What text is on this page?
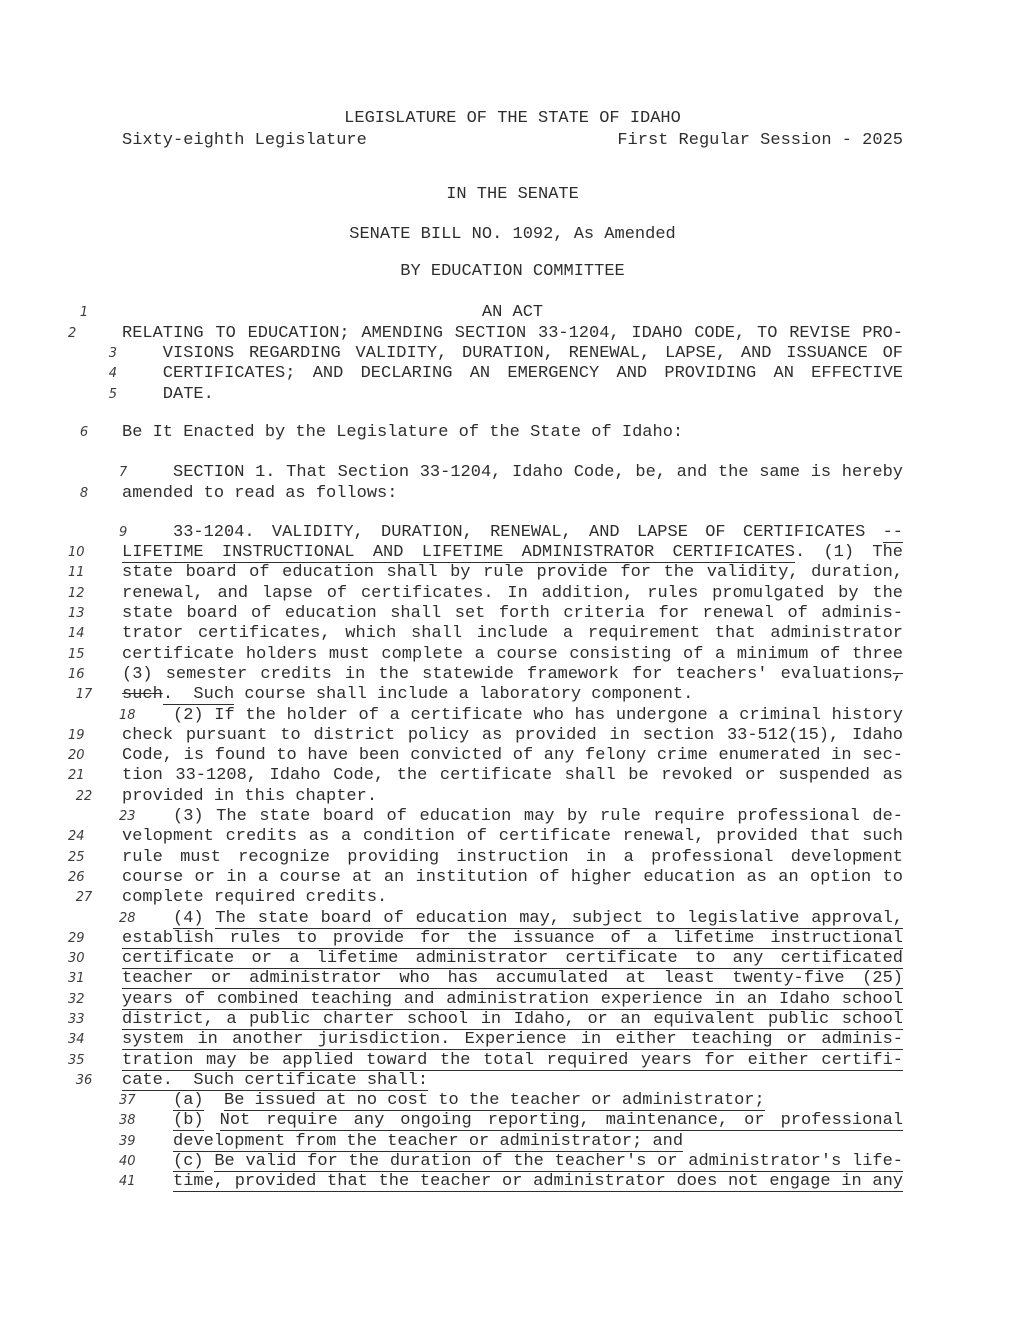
LEGISLATURE OF THE STATE OF IDAHO
Sixty-eighth Legislature	First Regular Session - 2025
IN THE SENATE
SENATE BILL NO. 1092, As Amended
BY EDUCATION COMMITTEE
1	AN ACT
2	RELATING TO EDUCATION; AMENDING SECTION 33-1204, IDAHO CODE, TO REVISE PRO-
3	VISIONS REGARDING VALIDITY, DURATION, RENEWAL, LAPSE, AND ISSUANCE OF
4	CERTIFICATES; AND DECLARING AN EMERGENCY AND PROVIDING AN EFFECTIVE
5	DATE.
6	Be It Enacted by the Legislature of the State of Idaho:
7	SECTION 1. That Section 33-1204, Idaho Code, be, and the same is hereby
8	amended to read as follows:
9	33-1204. VALIDITY, DURATION, RENEWAL, AND LAPSE OF CERTIFICATES --
10	LIFETIME INSTRUCTIONAL AND LIFETIME ADMINISTRATOR CERTIFICATES. (1) The
11	state board of education shall by rule provide for the validity, duration,
12	renewal, and lapse of certificates. In addition, rules promulgated by the
13	state board of education shall set forth criteria for renewal of adminis-
14	trator certificates, which shall include a requirement that administrator
15	certificate holders must complete a course consisting of a minimum of three
16	(3) semester credits in the statewide framework for teachers' evaluations,
17	such.  Such course shall include a laboratory component.
18 (2) If the holder of a certificate who has undergone a criminal history
19	check pursuant to district policy as provided in section 33-512(15), Idaho
20	Code, is found to have been convicted of any felony crime enumerated in sec-
21	tion 33-1208, Idaho Code, the certificate shall be revoked or suspended as
22	provided in this chapter.
23 (3) The state board of education may by rule require professional de-
24	velopment credits as a condition of certificate renewal, provided that such
25	rule must recognize providing instruction in a professional development
26	course or in a course at an institution of higher education as an option to
27	complete required credits.
28 (4) The state board of education may, subject to legislative approval,
29	establish rules to provide for the issuance of a lifetime instructional
30	certificate or a lifetime administrator certificate to any certificated
31	teacher or administrator who has accumulated at least twenty-five (25)
32	years of combined teaching and administration experience in an Idaho school
33	district, a public charter school in Idaho, or an equivalent public school
34	system in another jurisdiction. Experience in either teaching or adminis-
35	tration may be applied toward the total required years for either certifi-
36	cate.  Such certificate shall:
37 (a) Be issued at no cost to the teacher or administrator;
38 (b) Not require any ongoing reporting, maintenance, or professional
39 development from the teacher or administrator; and
40 (c) Be valid for the duration of the teacher's or administrator's life-
41 time, provided that the teacher or administrator does not engage in any
